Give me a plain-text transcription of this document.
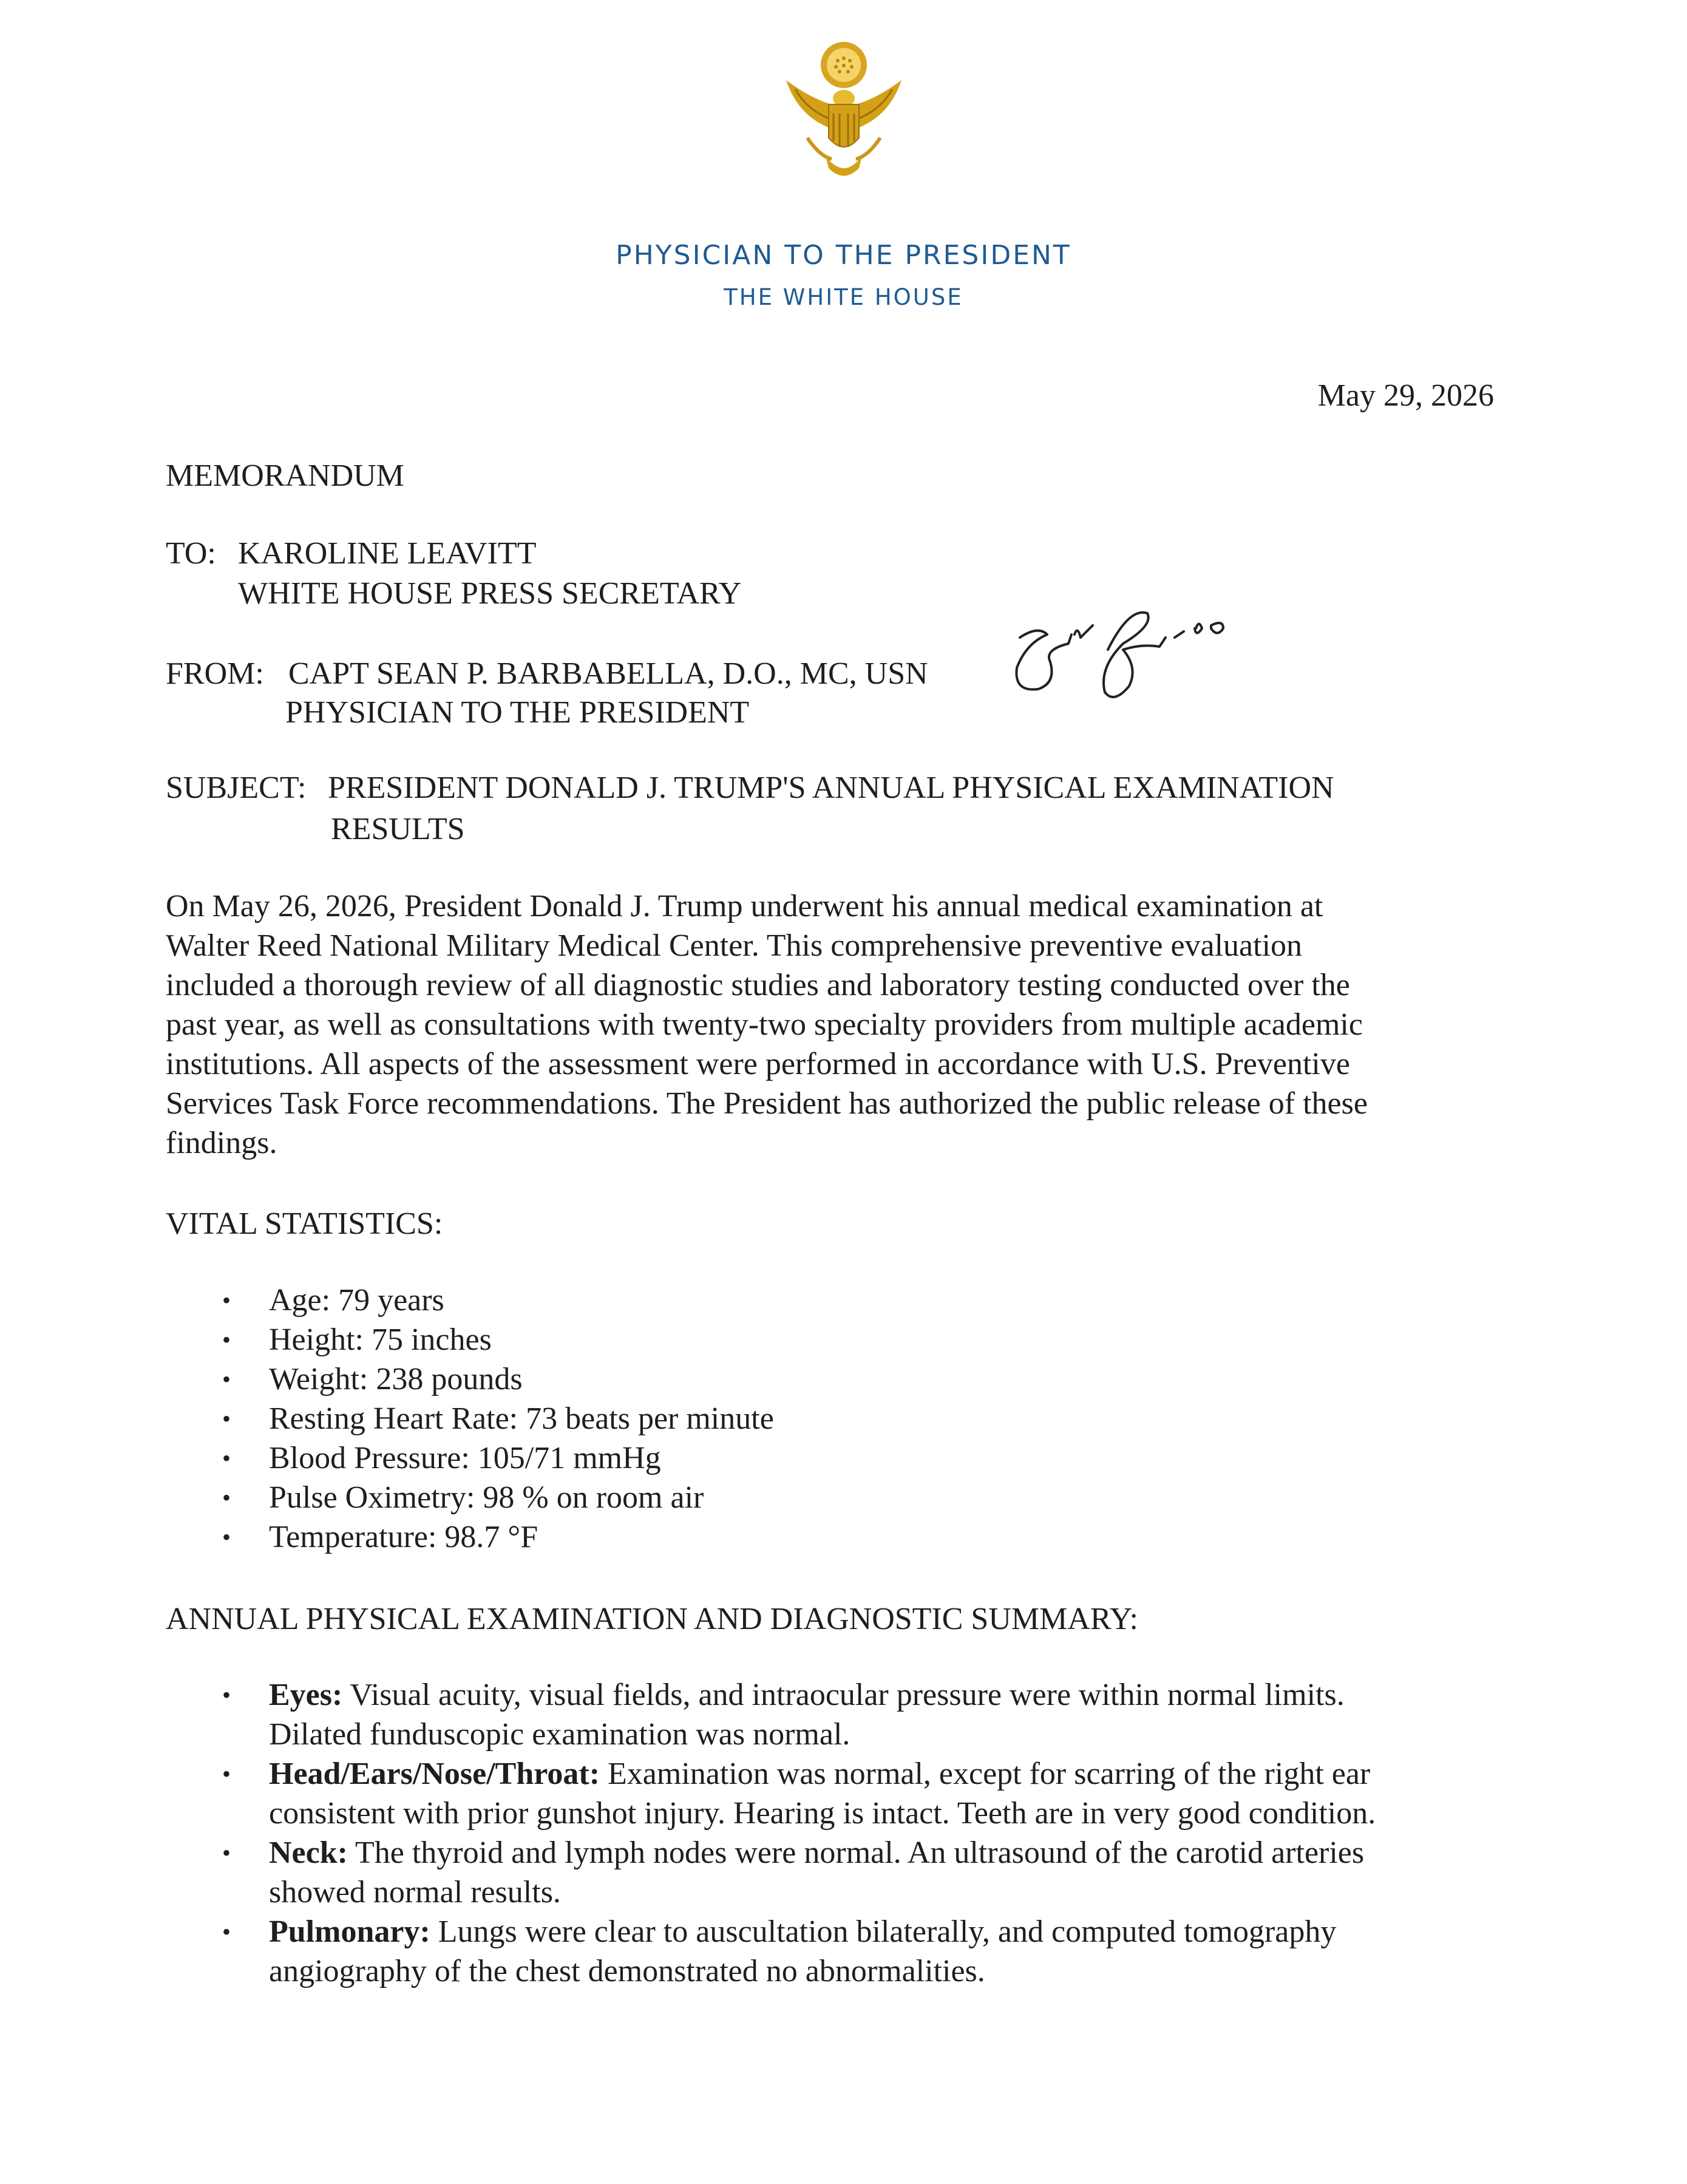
PHYSICIAN TO THE PRESIDENT
THE WHITE HOUSE
May 29, 2026
MEMORANDUM
TO: KAROLINE LEAVITT
WHITE HOUSE PRESS SECRETARY
FROM: CAPT SEAN P. BARBABELLA, D.O., MC, USN
PHYSICIAN TO THE PRESIDENT
SUBJECT: PRESIDENT DONALD J. TRUMP'S ANNUAL PHYSICAL EXAMINATION
RESULTS
On May 26, 2026, President Donald J. Trump underwent his annual medical examination at
Walter Reed National Military Medical Center. This comprehensive preventive evaluation
included a thorough review of all diagnostic studies and laboratory testing conducted over the
past year, as well as consultations with twenty-two specialty providers from multiple academic
institutions. All aspects of the assessment were performed in accordance with U.S. Preventive
Services Task Force recommendations. The President has authorized the public release of these
findings.
VITAL STATISTICS:
• Age: 79 years
• Height: 75 inches
• Weight: 238 pounds
• Resting Heart Rate: 73 beats per minute
• Blood Pressure: 105/71 mmHg
• Pulse Oximetry: 98 % on room air
• Temperature: 98.7 °F
ANNUAL PHYSICAL EXAMINATION AND DIAGNOSTIC SUMMARY:
• Eyes: Visual acuity, visual fields, and intraocular pressure were within normal limits.
Dilated funduscopic examination was normal.
• Head/Ears/Nose/Throat: Examination was normal, except for scarring of the right ear
consistent with prior gunshot injury. Hearing is intact. Teeth are in very good condition.
• Neck: The thyroid and lymph nodes were normal. An ultrasound of the carotid arteries
showed normal results.
• Pulmonary: Lungs were clear to auscultation bilaterally, and computed tomography
angiography of the chest demonstrated no abnormalities.
